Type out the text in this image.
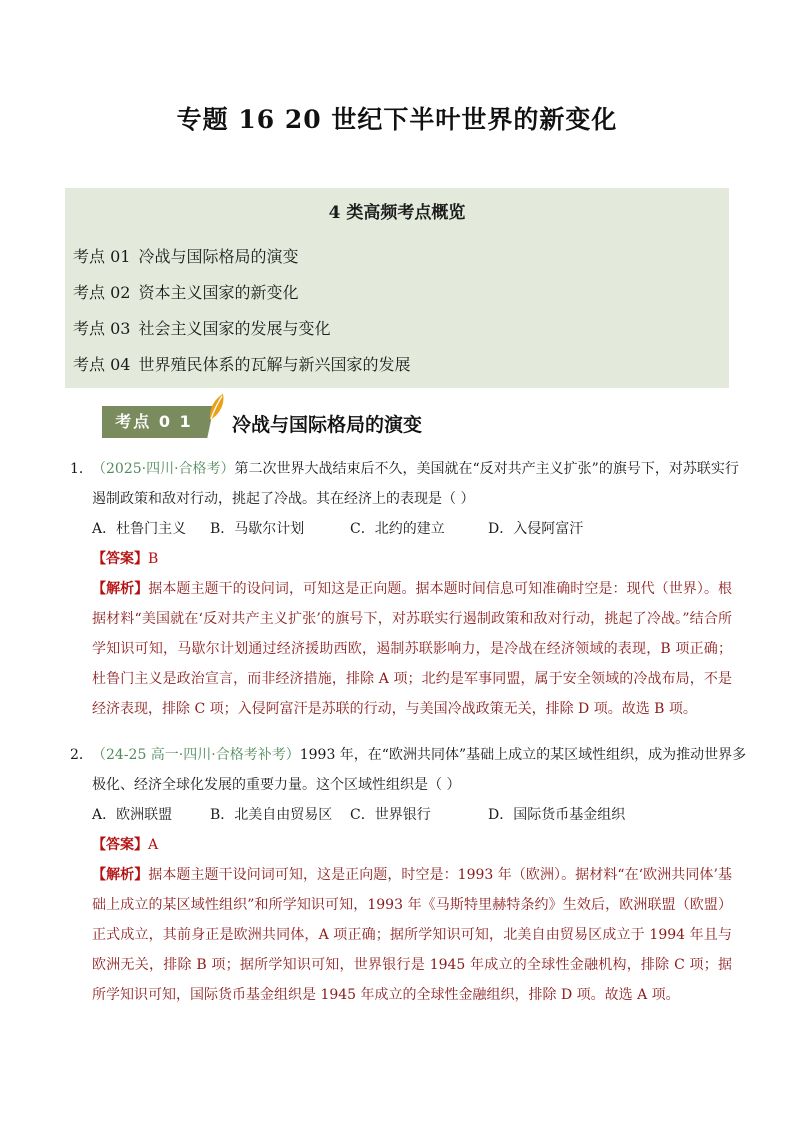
专题 16 20 世纪下半叶世界的新变化
4 类高频考点概览
考点 01 冷战与国际格局的演变
考点 02 资本主义国家的新变化
考点 03 社会主义国家的发展与变化
考点 04 世界殖民体系的瓦解与新兴国家的发展
考点 0 1	冷战与国际格局的演变
1．（2025·四川·合格考）第二次世界大战结束后不久，美国就在“反对共产主义扩张”的旗号下，对苏联实行
遏制政策和敌对行动，挑起了冷战。其在经济上的表现是（ ）
A．杜鲁门主义	B．马歇尔计划	C．北约的建立	D．入侵阿富汗
【答案】B
【解析】据本题主题干的设问词，可知这是正向题。据本题时间信息可知准确时空是：现代（世界）。根据材料“美国就在‘反对共产主义扩张’的旗号下，对苏联实行遏制政策和敌对行动，挑起了冷战。”结合所学知识可知，马歇尔计划通过经济援助西欧，遏制苏联影响力，是冷战在经济领域的表现，B 项正确；杜鲁门主义是政治宣言，而非经济措施，排除 A 项；北约是军事同盟，属于安全领域的冷战布局，不是经济表现，排除 C 项；入侵阿富汗是苏联的行动，与美国冷战政策无关，排除 D 项。故选 B 项。
2．（24-25 高一·四川·合格考补考）1993 年，在“欧洲共同体”基础上成立的某区域性组织，成为推动世界多
极化、经济全球化发展的重要力量。这个区域性组织是（ ）
A．欧洲联盟	B．北美自由贸易区	C．世界银行	D．国际货币基金组织
【答案】A
【解析】据本题主题干设问词可知，这是正向题，时空是：1993 年（欧洲）。据材料“在‘欧洲共同体’基础上成立的某区域性组织”和所学知识可知，1993 年《马斯特里赫特条约》生效后，欧洲联盟（欧盟）正式成立，其前身正是欧洲共同体，A 项正确；据所学知识可知，北美自由贸易区成立于 1994 年且与欧洲无关，排除 B 项；据所学知识可知，世界银行是 1945 年成立的全球性金融机构，排除 C 项；据所学知识可知，国际货币基金组织是 1945 年成立的全球性金融组织，排除 D 项。故选 A 项。
